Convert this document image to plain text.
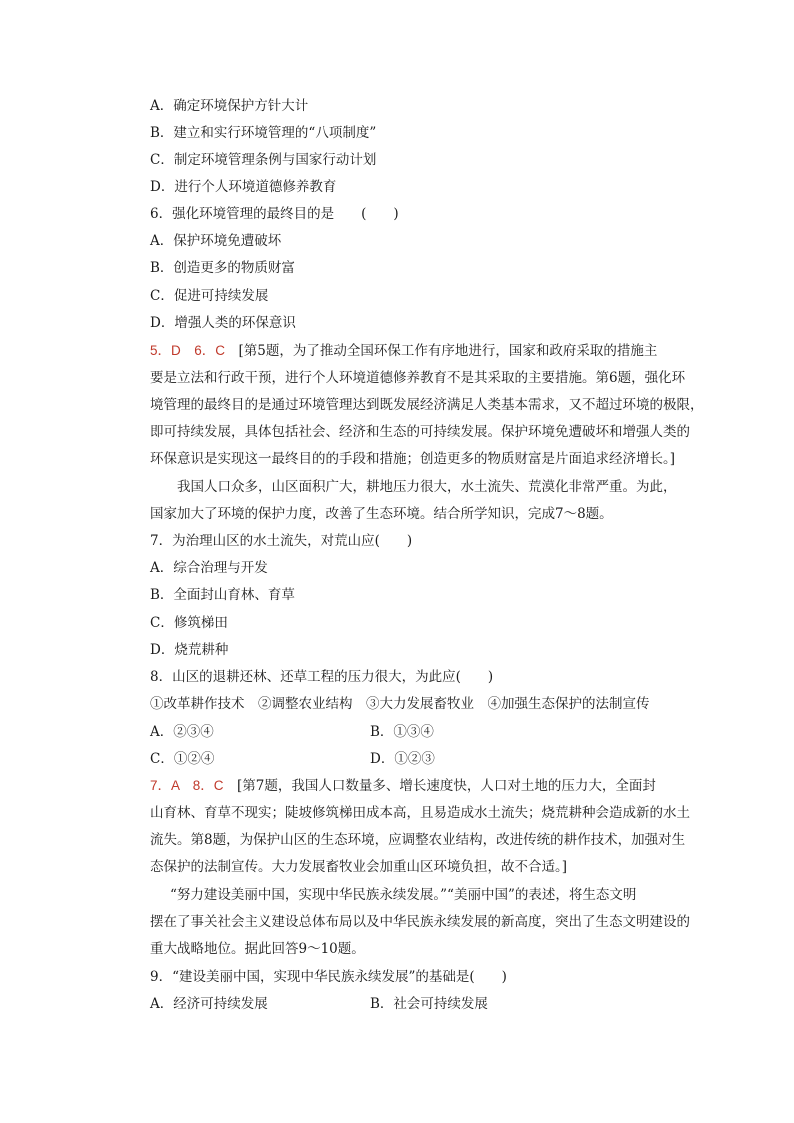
A．确定环境保护方针大计
B．建立和实行环境管理的“八项制度”
C．制定环境管理条例与国家行动计划
D．进行个人环境道德修养教育
6．强化环境管理的最终目的是　　(　　)
A．保护环境免遭破坏
B．创造更多的物质财富
C．促进可持续发展
D．增强人类的环保意识
5．D　6．C　[第5题，为了推动全国环保工作有序地进行，国家和政府采取的措施主
要是立法和行政干预，进行个人环境道德修养教育不是其采取的主要措施。第6题，强化环
境管理的最终目的是通过环境管理达到既发展经济满足人类基本需求，又不超过环境的极限，
即可持续发展，具体包括社会、经济和生态的可持续发展。保护环境免遭破坏和增强人类的
环保意识是实现这一最终目的的手段和措施；创造更多的物质财富是片面追求经济增长。]
我国人口众多，山区面积广大，耕地压力很大，水土流失、荒漠化非常严重。为此，
国家加大了环境的保护力度，改善了生态环境。结合所学知识，完成7～8题。
7．为治理山区的水土流失，对荒山应(　　)
A．综合治理与开发
B．全面封山育林、育草
C．修筑梯田
D．烧荒耕种
8．山区的退耕还林、还草工程的压力很大，为此应(　　)
①改革耕作技术　②调整农业结构　③大力发展畜牧业　④加强生态保护的法制宣传
A．②③④	B．①③④
C．①②④	D．①②③
7．A　8．C　[第7题，我国人口数量多、增长速度快，人口对土地的压力大，全面封
山育林、育草不现实；陡坡修筑梯田成本高，且易造成水土流失；烧荒耕种会造成新的水土
流失。第8题，为保护山区的生态环境，应调整农业结构，改进传统的耕作技术，加强对生
态保护的法制宣传。大力发展畜牧业会加重山区环境负担，故不合适。]
“努力建设美丽中国，实现中华民族永续发展。”“美丽中国”的表述，将生态文明
摆在了事关社会主义建设总体布局以及中华民族永续发展的新高度，突出了生态文明建设的
重大战略地位。据此回答9～10题。
9．“建设美丽中国，实现中华民族永续发展”的基础是(　　)
A．经济可持续发展	B．社会可持续发展
